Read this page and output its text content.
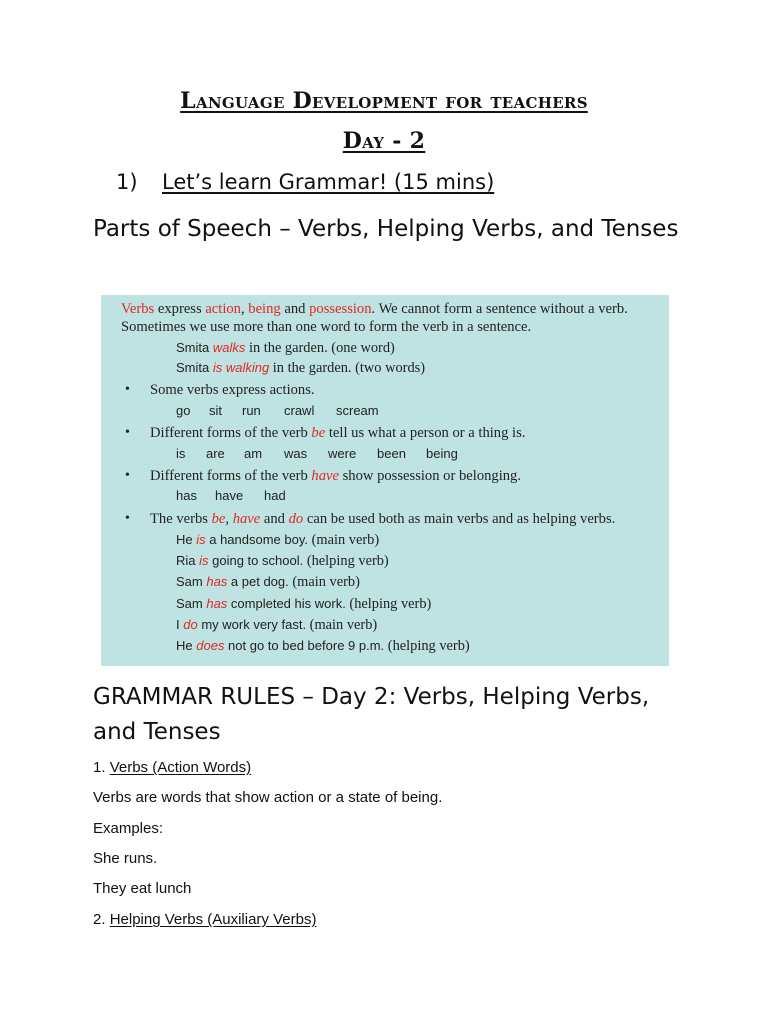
Language Development for teachers
Day - 2
1) Let’s learn Grammar! (15 mins)
Parts of Speech – Verbs, Helping Verbs, and Tenses
Verbs express action, being and possession. We cannot form a sentence without a verb. Sometimes we use more than one word to form the verb in a sentence.
Smita walks in the garden. (one word)
Smita is walking in the garden. (two words)
• Some verbs express actions.
go sit run crawl scream
• Different forms of the verb be tell us what a person or a thing is.
is are am was were been being
• Different forms of the verb have show possession or belonging.
has have had
• The verbs be, have and do can be used both as main verbs and as helping verbs.
He is a handsome boy. (main verb)
Ria is going to school. (helping verb)
Sam has a pet dog. (main verb)
Sam has completed his work. (helping verb)
I do my work very fast. (main verb)
He does not go to bed before 9 p.m. (helping verb)
GRAMMAR RULES – Day 2: Verbs, Helping Verbs, and Tenses
1. Verbs (Action Words)
Verbs are words that show action or a state of being.
Examples:
She runs.
They eat lunch
2. Helping Verbs (Auxiliary Verbs)
